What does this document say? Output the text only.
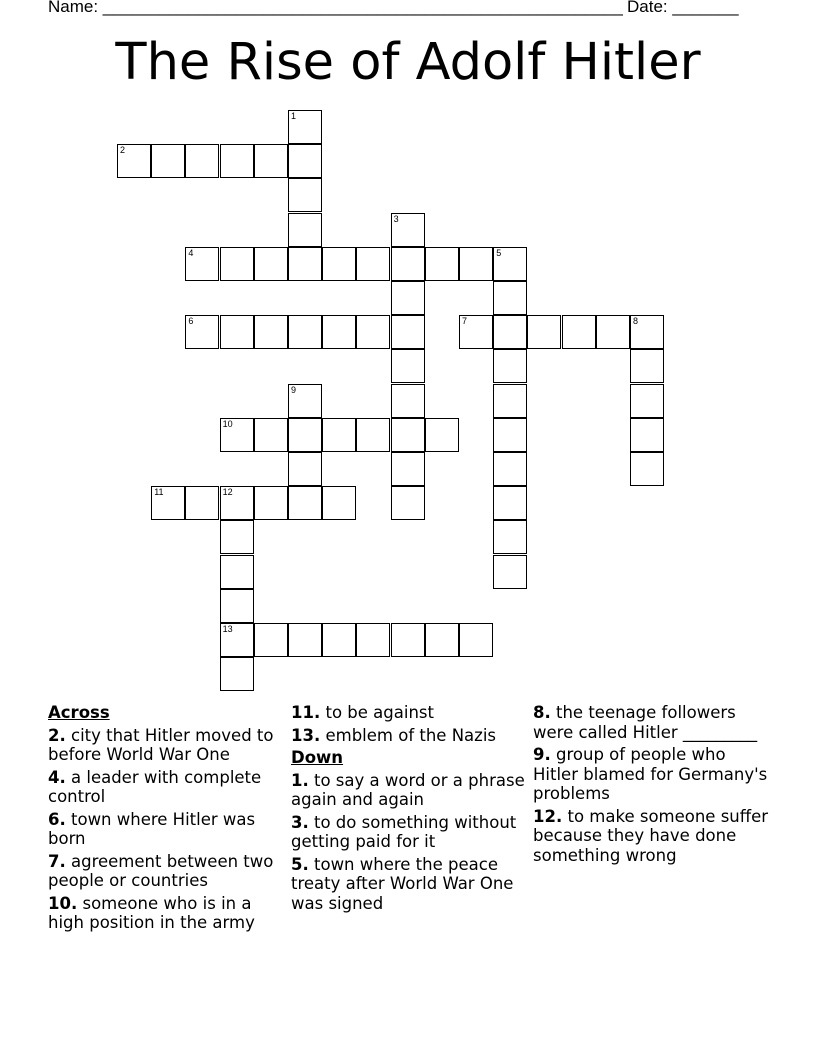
Name: _______________________________________________________ Date: _______
The Rise of Adolf Hitler
1
2
3
4	5
6	7	8
9
10
11	12
13
Across
2. city that Hitler moved to before World War One
4. a leader with complete control
6. town where Hitler was born
7. agreement between two people or countries
10. someone who is in a high position in the army
11. to be against
13. emblem of the Nazis
Down
1. to say a word or a phrase again and again
3. to do something without getting paid for it
5. town where the peace treaty after World War One was signed
8. the teenage followers were called Hitler _________
9. group of people who Hitler blamed for Germany's problems
12. to make someone suffer because they have done something wrong
